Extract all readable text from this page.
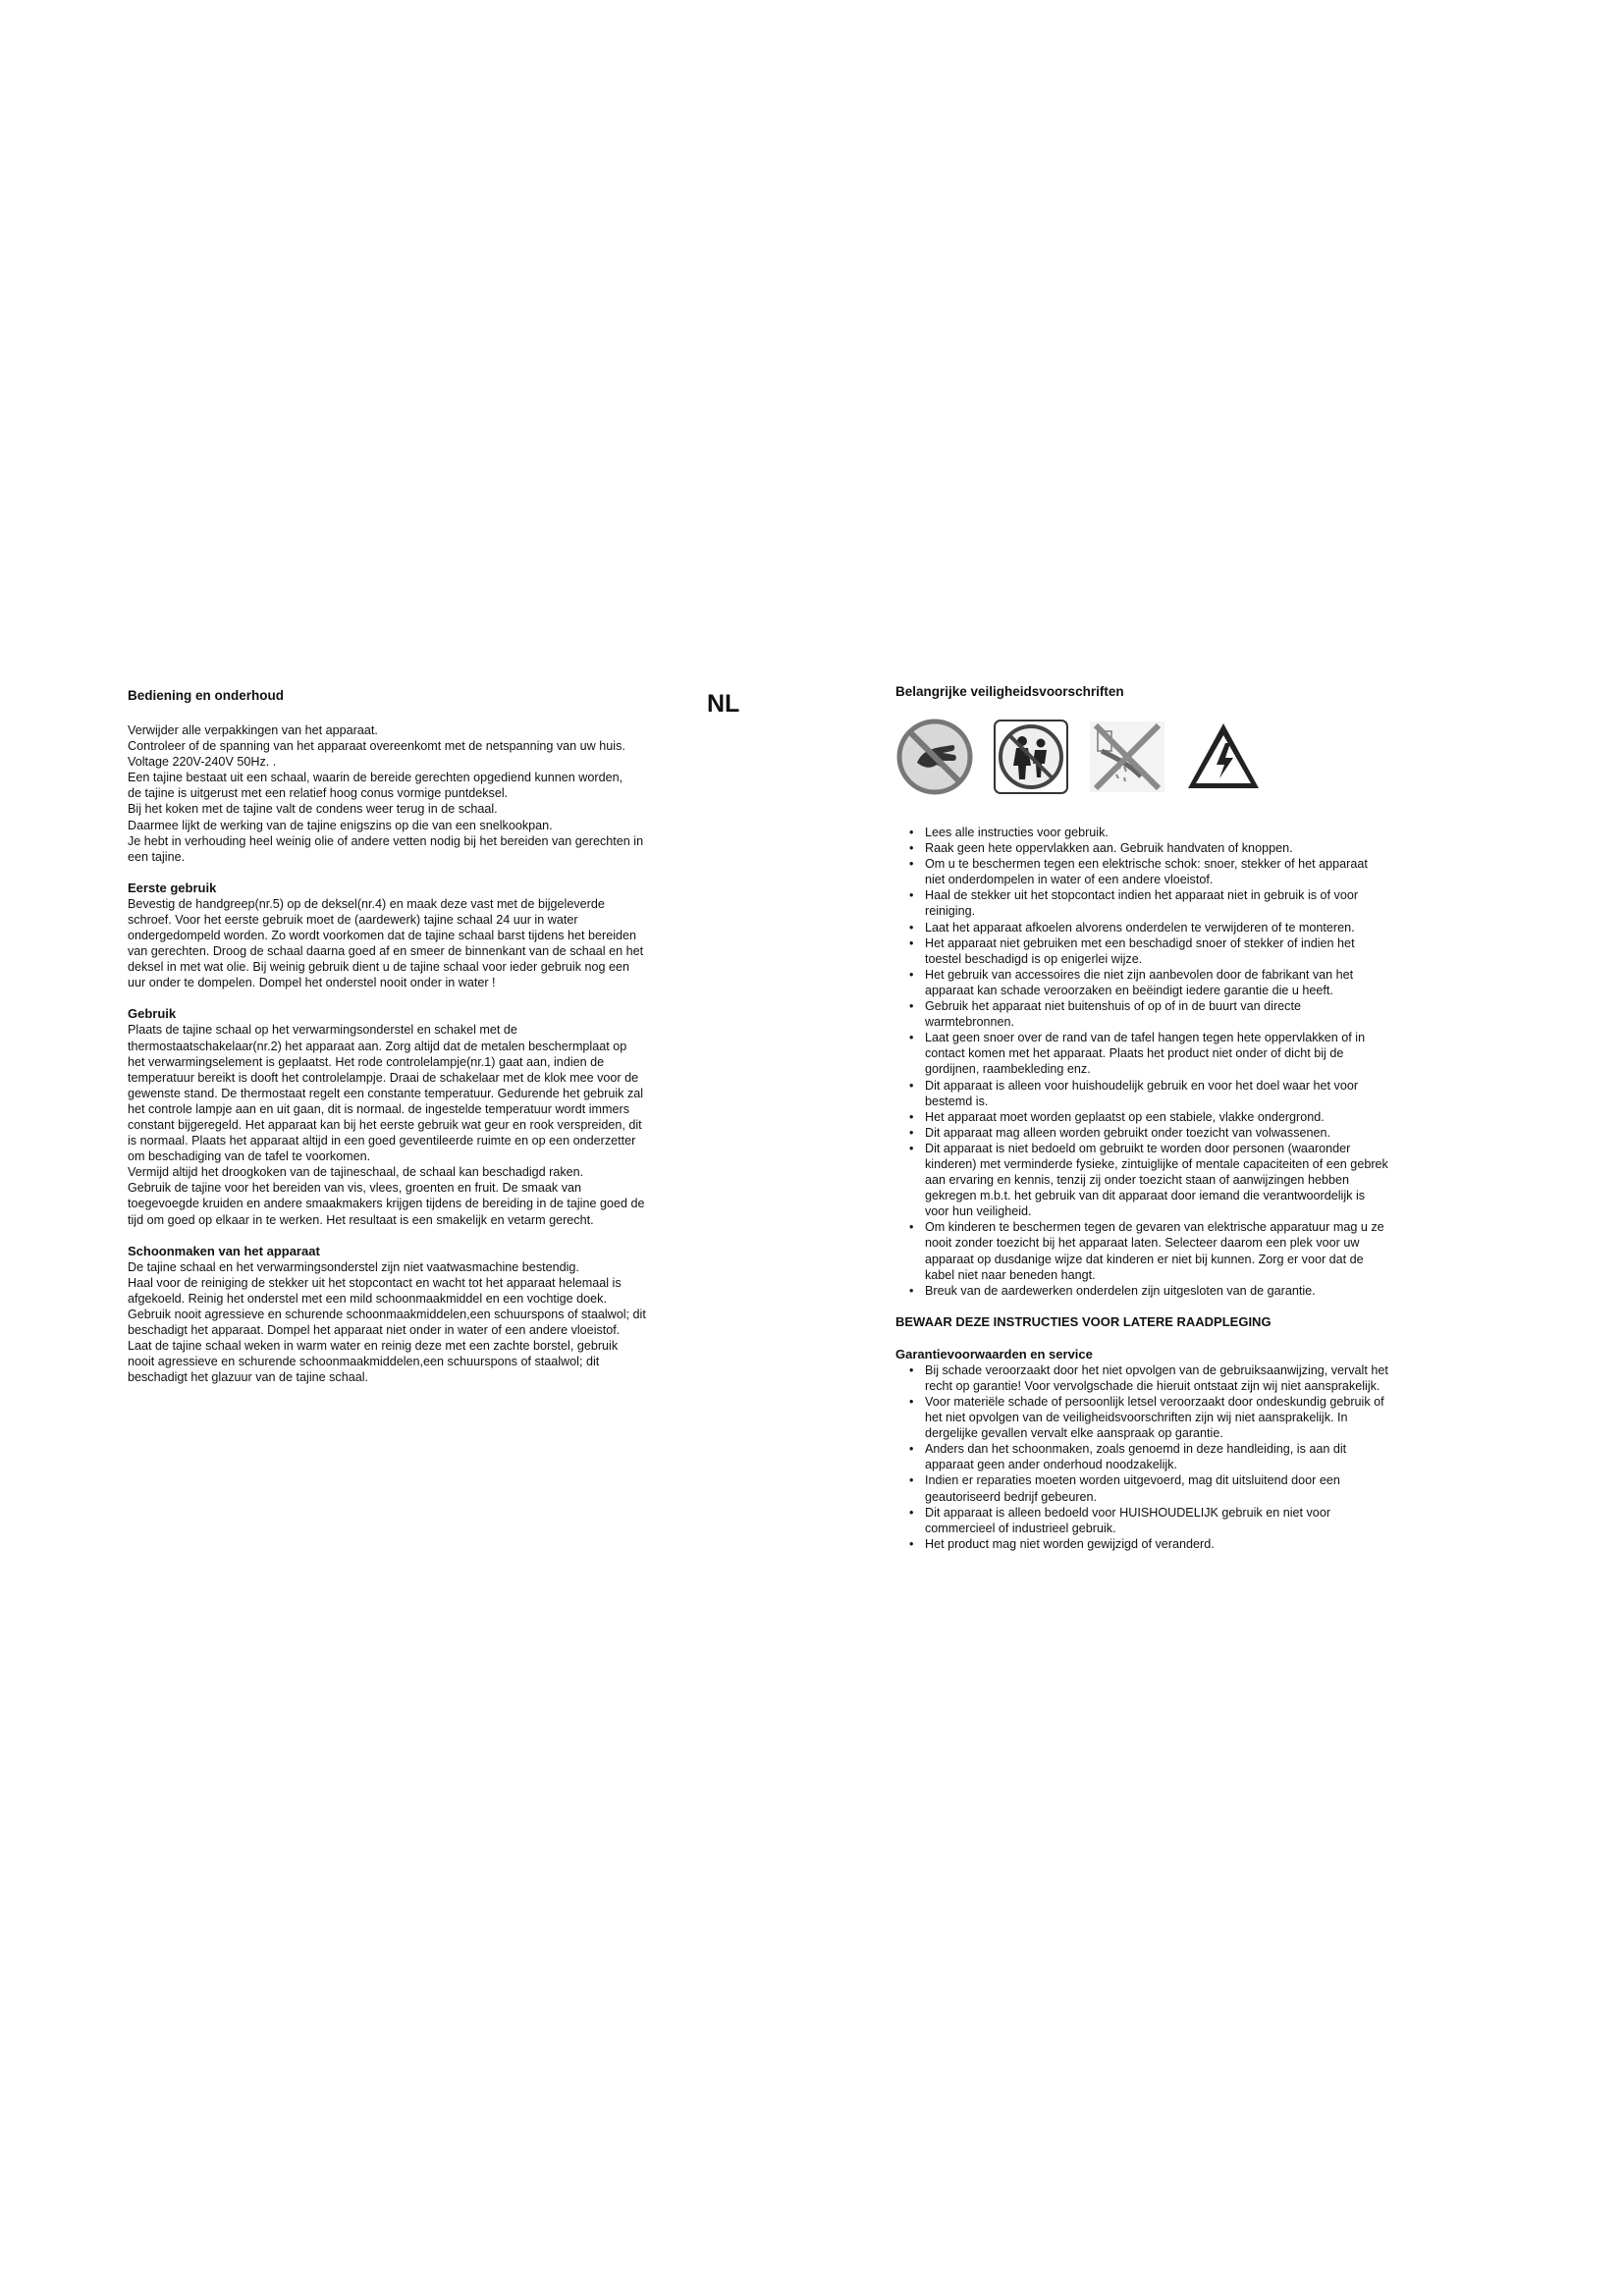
Bediening en onderhoud

Verwijder alle verpakkingen van het apparaat.
Controleer of de spanning van het apparaat overeenkomt met de netspanning van uw huis.
Voltage 220V-240V 50Hz. .
Een tajine bestaat uit een schaal, waarin de bereide gerechten opgediend kunnen worden,
de tajine is uitgerust met een relatief hoog conus vormige puntdeksel.
Bij het koken met de tajine valt de condens weer terug in de schaal.
Daarmee lijkt de werking van de tajine enigszins op die van een snelkookpan.
Je hebt in verhouding heel weinig olie of andere vetten nodig bij het bereiden van gerechten in
een tajine.

Eerste gebruik

Bevestig de handgreep(nr.5) op de deksel(nr.4) en maak deze vast met de bijgeleverde
schroef. Voor het eerste gebruik moet de (aardewerk) tajine schaal 24 uur in water
ondergedompeld worden. Zo wordt voorkomen dat de tajine schaal barst tijdens het bereiden
van gerechten. Droog de schaal daarna goed af en smeer de binnenkant van de schaal en het
deksel in met wat olie. Bij weinig gebruik dient u de tajine schaal voor ieder gebruik nog een
uur onder te dompelen. Dompel het onderstel nooit onder in water !

Gebruik

Plaats de tajine schaal op het verwarmingsonderstel en schakel met de
thermostaatschakelaar(nr.2) het apparaat aan. Zorg altijd dat de metalen beschermplaat op
het verwarmingselement is geplaatst. Het rode controlelampje(nr.1) gaat aan, indien de
temperatuur bereikt is dooft het controlelampje. Draai de schakelaar met de klok mee voor de
gewenste stand. De thermostaat regelt een constante temperatuur. Gedurende het gebruik zal
het controle lampje aan en uit gaan, dit is normaal. de ingestelde temperatuur wordt immers
constant bijgeregeld. Het apparaat kan bij het eerste gebruik wat geur en rook verspreiden, dit
is normaal. Plaats het apparaat altijd in een goed geventileerde ruimte en op een onderzetter
om beschadiging van de tafel te voorkomen.
Vermijd altijd het droogkoken van de tajineschaal, de schaal kan beschadigd raken.
Gebruik de tajine voor het bereiden van vis, vlees, groenten en fruit. De smaak van
toegevoegde kruiden en andere smaakmakers krijgen tijdens de bereiding in de tajine goed de
tijd om goed op elkaar in te werken. Het resultaat is een smakelijk en vetarm gerecht.

Schoonmaken van het apparaat

De tajine schaal en het verwarmingsonderstel zijn niet vaatwasmachine bestendig.
Haal voor de reiniging de stekker uit het stopcontact en wacht tot het apparaat helemaal is
afgekoeld. Reinig het onderstel met een mild schoonmaakmiddel en een vochtige doek.
Gebruik nooit agressieve en schurende schoonmaakmiddelen,een schuurspons of staalwol; dit
beschadigt het apparaat. Dompel het apparaat niet onder in water of een andere vloeistof.
Laat de tajine schaal weken in warm water en reinig deze met een zachte borstel, gebruik
nooit agressieve en schurende schoonmaakmiddelen,een schuurspons of staalwol; dit
beschadigt het glazuur van de tajine schaal.

NL	Belangrijke veiligheidsvoorschriften

• Lees alle instructies voor gebruik.
• Raak geen hete oppervlakken aan. Gebruik handvaten of knoppen.
• Om u te beschermen tegen een elektrische schok: snoer, stekker of het apparaat
niet onderdompelen in water of een andere vloeistof.
• Haal de stekker uit het stopcontact indien het apparaat niet in gebruik is of voor
reiniging.
• Laat het apparaat afkoelen alvorens onderdelen te verwijderen of te monteren.
• Het apparaat niet gebruiken met een beschadigd snoer of stekker of indien het
toestel beschadigd is op enigerlei wijze.
• Het gebruik van accessoires die niet zijn aanbevolen door de fabrikant van het
apparaat kan schade veroorzaken en beëindigt iedere garantie die u heeft.
• Gebruik het apparaat niet buitenshuis of op of in de buurt van directe
warmtebronnen.
• Laat geen snoer over de rand van de tafel hangen tegen hete oppervlakken of in
contact komen met het apparaat. Plaats het product niet onder of dicht bij de
gordijnen, raambekleding enz.
• Dit apparaat is alleen voor huishoudelijk gebruik en voor het doel waar het voor
bestemd is.
• Het apparaat moet worden geplaatst op een stabiele, vlakke ondergrond.
• Dit apparaat mag alleen worden gebruikt onder toezicht van volwassenen.
• Dit apparaat is niet bedoeld om gebruikt te worden door personen (waaronder
kinderen) met verminderde fysieke, zintuiglijke of mentale capaciteiten of een gebrek
aan ervaring en kennis, tenzij zij onder toezicht staan of aanwijzingen hebben
gekregen m.b.t. het gebruik van dit apparaat door iemand die verantwoordelijk is
voor hun veiligheid.
• Om kinderen te beschermen tegen de gevaren van elektrische apparatuur mag u ze
nooit zonder toezicht bij het apparaat laten. Selecteer daarom een plek voor uw
apparaat op dusdanige wijze dat kinderen er niet bij kunnen. Zorg er voor dat de
kabel niet naar beneden hangt.
• Breuk van de aardewerken onderdelen zijn uitgesloten van de garantie.

BEWAAR DEZE INSTRUCTIES VOOR LATERE RAADPLEGING

Garantievoorwaarden en service

• Bij schade veroorzaakt door het niet opvolgen van de gebruiksaanwijzing, vervalt het
recht op garantie! Voor vervolgschade die hieruit ontstaat zijn wij niet aansprakelijk.
• Voor materiële schade of persoonlijk letsel veroorzaakt door ondeskundig gebruik of
het niet opvolgen van de veiligheidsvoorschriften zijn wij niet aansprakelijk. In
dergelijke gevallen vervalt elke aanspraak op garantie.
• Anders dan het schoonmaken, zoals genoemd in deze handleiding, is aan dit
apparaat geen ander onderhoud noodzakelijk.
• Indien er reparaties moeten worden uitgevoerd, mag dit uitsluitend door een
geautoriseerd bedrijf gebeuren.
• Dit apparaat is alleen bedoeld voor HUISHOUDELIJK gebruik en niet voor
commercieel of industrieel gebruik.
• Het product mag niet worden gewijzigd of veranderd.
